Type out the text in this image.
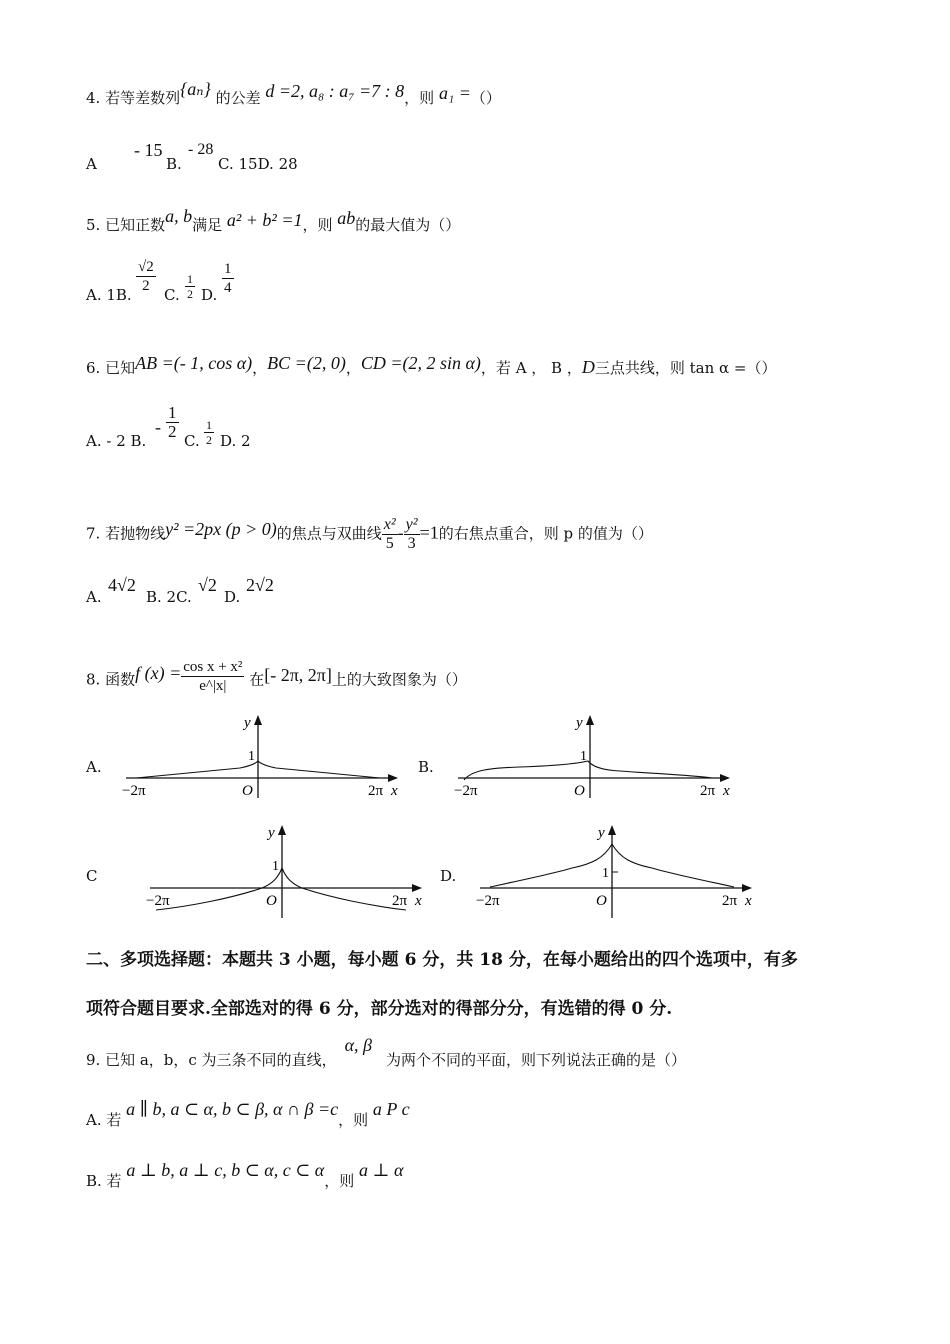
4. 若等差数列{aₙ} 的公差 d =2, a₈ : a₇ =7 : 8，则 a₁ =（）
A
- 15
B.
- 28
C. 15D. 28
5. 已知正数a, b满足 a² + b² =1，则 ab的最大值为（）
A. 1B. $\frac{√2}{2} C$. $\frac{1}{2} D$. $\frac{1}{4}$
6. 已知AB =(- 1, cos α)，BC =(2, 0)，CD =(2, 2 sin α)，若 A ， B ，D三点共线，则 tan α =（）
A. - 2 B.
- $\frac{1}{2} C$. $\frac{1}{2} D$. 2
7. 若抛物线y² =2px (p > 0)的焦点与双曲线 $\frac{\text{x²}}{5} - \frac{\text{y²}}{3} =1$的右焦点重合，则 p 的值为（）
A.
4√2
B. 2C.
√2
D.
2√2
8. 函数f $(x) = \frac{\text{cos x + x²}}{e\^{}|x|}$ 在[- 2π, 2π]上的大致图象为（）
A.	B.
C	D.
y
1
−2π	O	2π x
y
1
−2π	O	2π x
y
1
−2π	O	2π x
y
1
−2π	O	2π x
二、多项选择题：本题共 3 小题，每小题 6 分，共 18 分，在每小题给出的四个选项中，有多
项符合题目要求.全部选对的得 6 分，部分选对的得部分分，有选错的得 0 分.
9. 已知 a，b，c 为三条不同的直线，α, β为两个不同的平面，则下列说法正确的是（）
A. 若 a ∥ b, a ⊂ α, b ⊂ β, α ∩ β =c，则 a P c
B. 若 a ⊥ b, a ⊥ c, b ⊂ α, c ⊂ α，则 a ⊥ α
